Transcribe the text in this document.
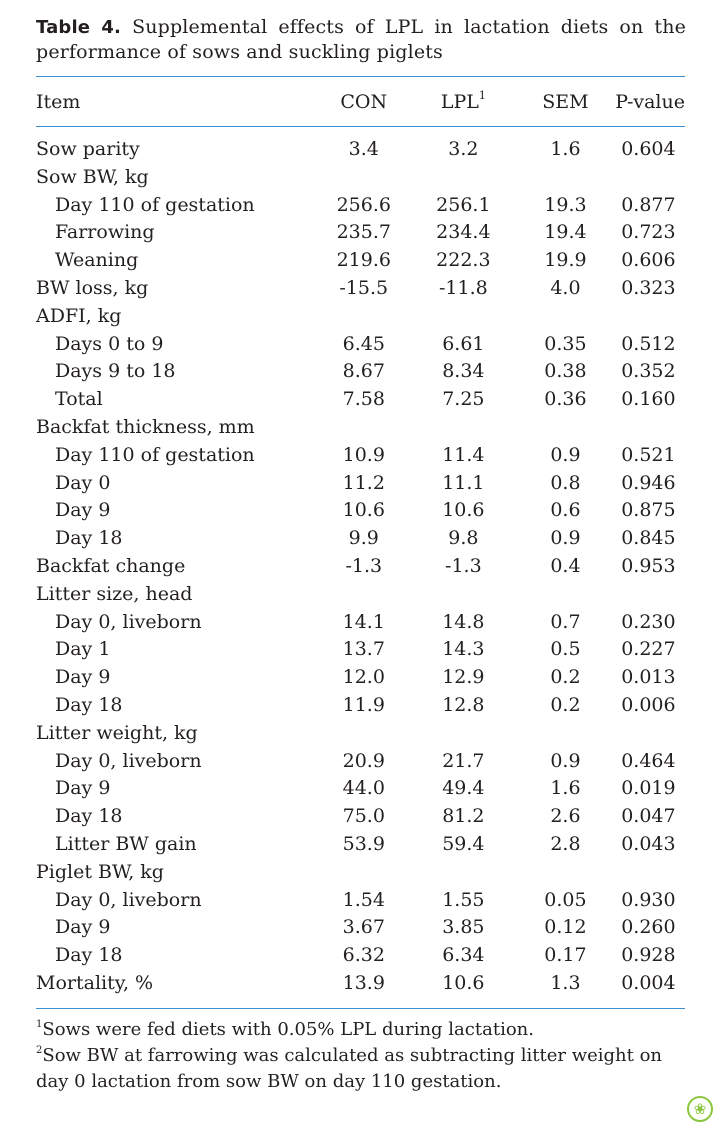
Table 4. Supplemental effects of LPL in lactation diets on the performance of sows and suckling piglets
Item	CON	LPL$^1$	SEM	P-value

Sow parity	3.4	3.2	1.6	0.604
Sow BW, kg				
Day 110 of gestation	256.6	256.1	19.3	0.877
Farrowing	235.7	234.4	19.4	0.723
Weaning	219.6	222.3	19.9	0.606
BW loss, kg	-15.5	-11.8	4.0	0.323
ADFI, kg				
Days 0 to 9	6.45	6.61	0.35	0.512
Days 9 to 18	8.67	8.34	0.38	0.352
Total	7.58	7.25	0.36	0.160
Backfat thickness, mm				
Day 110 of gestation	10.9	11.4	0.9	0.521
Day 0	11.2	11.1	0.8	0.946
Day 9	10.6	10.6	0.6	0.875
Day 18	9.9	9.8	0.9	0.845
Backfat change	-1.3	-1.3	0.4	0.953
Litter size, head				
Day 0, liveborn	14.1	14.8	0.7	0.230
Day 1	13.7	14.3	0.5	0.227
Day 9	12.0	12.9	0.2	0.013
Day 18	11.9	12.8	0.2	0.006
Litter weight, kg				
Day 0, liveborn	20.9	21.7	0.9	0.464
Day 9	44.0	49.4	1.6	0.019
Day 18	75.0	81.2	2.6	0.047
Litter BW gain	53.9	59.4	2.8	0.043
Piglet BW, kg				
Day 0, liveborn	1.54	1.55	0.05	0.930
Day 9	3.67	3.85	0.12	0.260
Day 18	6.32	6.34	0.17	0.928
Mortality, %	13.9	10.6	1.3	0.004
$^1$Sows were fed diets with 0.05% LPL during lactation.
$^2$Sow BW at farrowing was calculated as subtracting litter weight on day 0 lactation from sow BW on day 110 gestation.
❀
